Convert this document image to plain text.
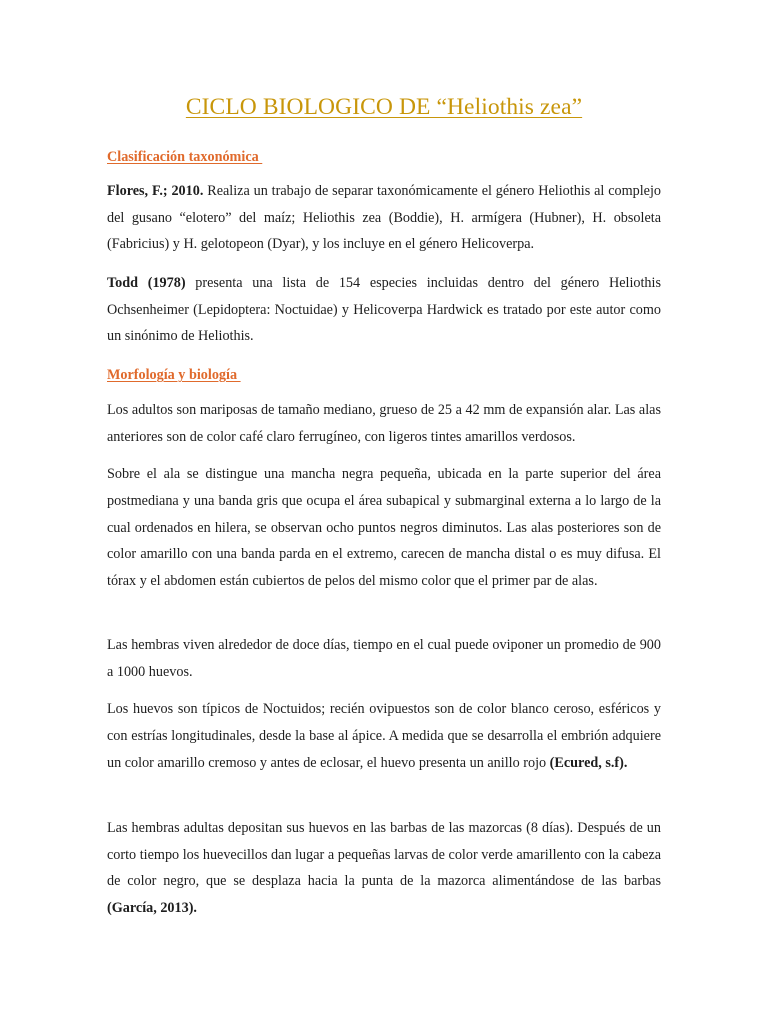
CICLO BIOLOGICO DE “Heliothis zea”
Clasificación taxonómica
Flores, F.; 2010. Realiza un trabajo de separar taxonómicamente el género Heliothis al complejo del gusano “elotero” del maíz; Heliothis zea (Boddie), H. armígera (Hubner), H. obsoleta (Fabricius) y H. gelotopeon (Dyar), y los incluye en el género Helicoverpa.
Todd (1978) presenta una lista de 154 especies incluidas dentro del género Heliothis Ochsenheimer (Lepidoptera: Noctuidae) y Helicoverpa Hardwick es tratado por este autor como un sinónimo de Heliothis.
Morfología y biología
Los adultos son mariposas de tamaño mediano, grueso de 25 a 42 mm de expansión alar. Las alas anteriores son de color café claro ferrugíneo, con ligeros tintes amarillos verdosos.
Sobre el ala se distingue una mancha negra pequeña, ubicada en la parte superior del área postmediana y una banda gris que ocupa el área subapical y submarginal externa a lo largo de la cual ordenados en hilera, se observan ocho puntos negros diminutos. Las alas posteriores son de color amarillo con una banda parda en el extremo, carecen de mancha distal o es muy difusa. El tórax y el abdomen están cubiertos de pelos del mismo color que el primer par de alas.
Las hembras viven alrededor de doce días, tiempo en el cual puede oviponer un promedio de 900 a 1000 huevos.
Los huevos son típicos de Noctuidos; recién ovipuestos son de color blanco ceroso, esféricos y con estrías longitudinales, desde la base al ápice. A medida que se desarrolla el embrión adquiere un color amarillo cremoso y antes de eclosar, el huevo presenta un anillo rojo (Ecured, s.f).
Las hembras adultas depositan sus huevos en las barbas de las mazorcas (8 días). Después de un corto tiempo los huevecillos dan lugar a pequeñas larvas de color verde amarillento con la cabeza de color negro, que se desplaza hacia la punta de la mazorca alimentándose de las barbas (García, 2013).
